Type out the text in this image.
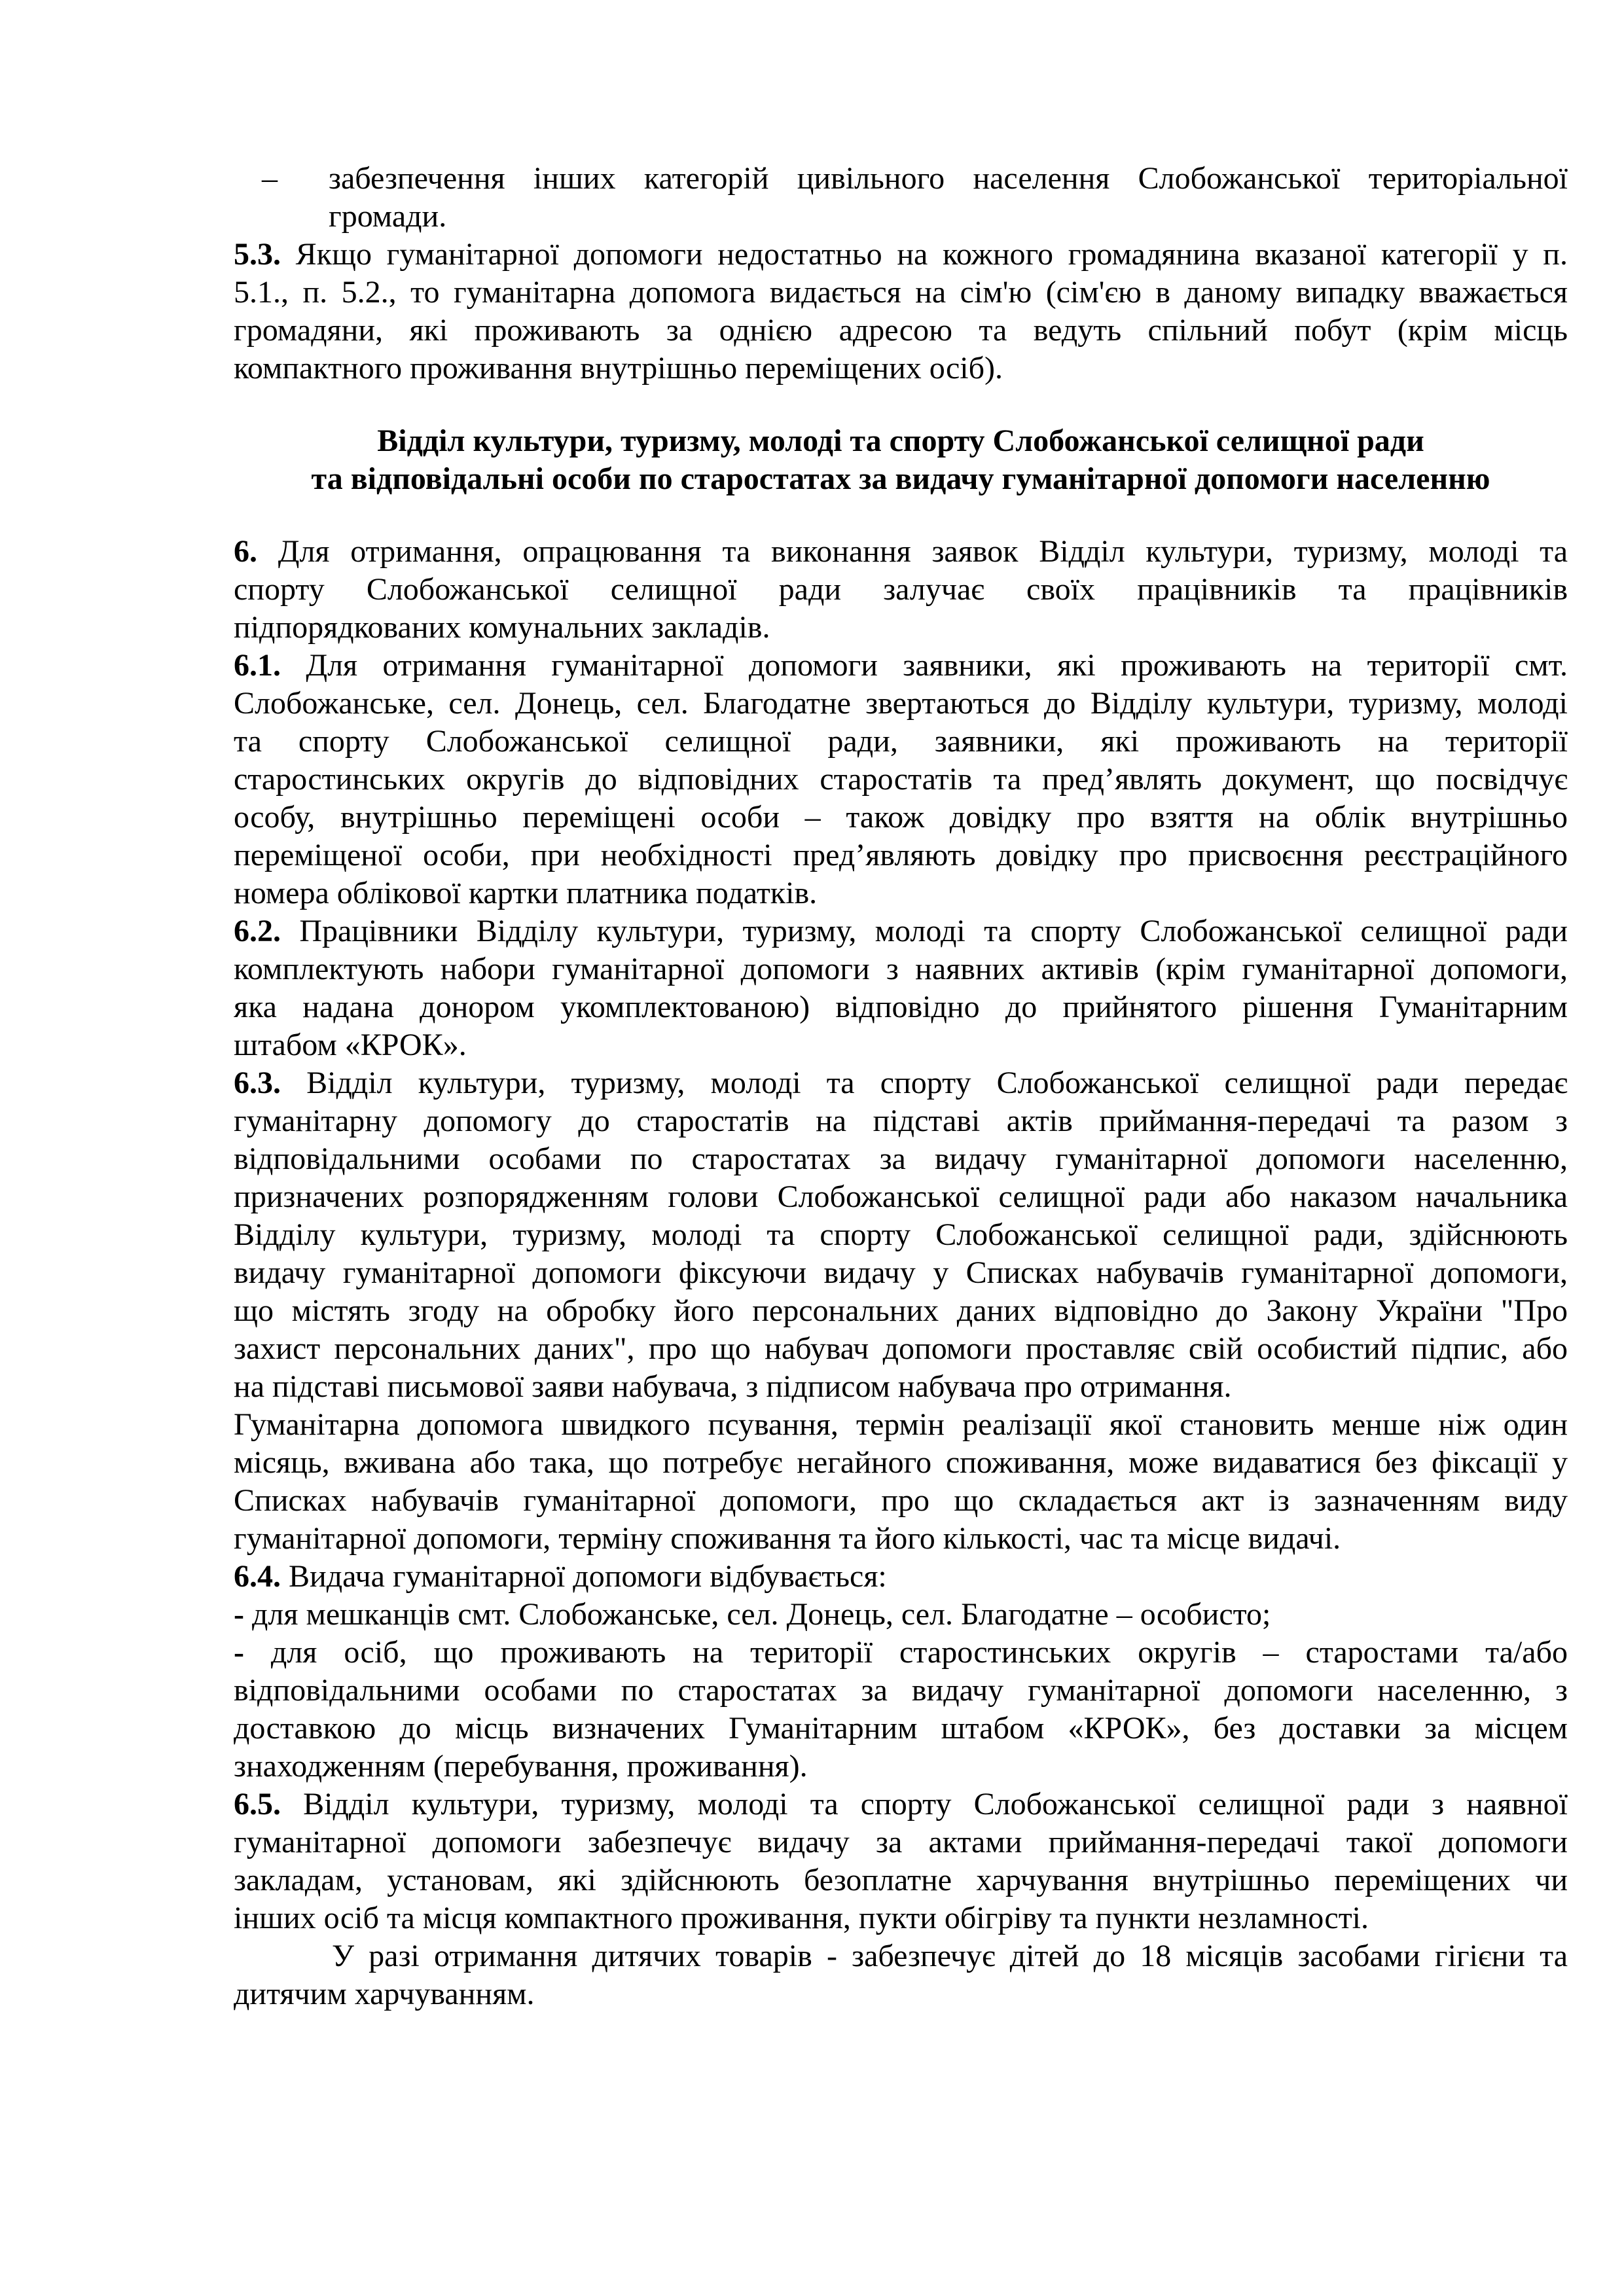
–	забезпечення інших категорій цивільного населення Слобожанської територіальної
громади.
5.3. Якщо гуманітарної допомоги недостатньо на кожного громадянина вказаної категорії у п.
5.1., п. 5.2., то гуманітарна допомога видається на сім'ю (сім'єю в даному випадку вважається
громадяни, які проживають за однією адресою та ведуть спільний побут (крім місць
компактного проживання внутрішньо переміщених осіб).
Відділ культури, туризму, молоді та спорту Слобожанської селищної ради
та відповідальні особи по старостатах за видачу гуманітарної допомоги населенню
6. Для отримання, опрацювання та виконання заявок Відділ культури, туризму, молоді та
спорту Слобожанської селищної ради залучає своїх працівників та працівників
підпорядкованих комунальних закладів.
6.1. Для отримання гуманітарної допомоги заявники, які проживають на території смт.
Слобожанське, сел. Донець, сел. Благодатне звертаються до Відділу культури, туризму, молоді
та спорту Слобожанської селищної ради, заявники, які проживають на території
старостинських округів до відповідних старостатів та пред’являть документ, що посвідчує
особу, внутрішньо переміщені особи – також довідку про взяття на облік внутрішньо
переміщеної особи, при необхідності пред’являють довідку про присвоєння реєстраційного
номера облікової картки платника податків.
6.2. Працівники Відділу культури, туризму, молоді та спорту Слобожанської селищної ради
комплектують набори гуманітарної допомоги з наявних активів (крім гуманітарної допомоги,
яка надана донором укомплектованою) відповідно до прийнятого рішення Гуманітарним
штабом «КРОК».
6.3. Відділ культури, туризму, молоді та спорту Слобожанської селищної ради передає
гуманітарну допомогу до старостатів на підставі актів приймання-передачі та разом з
відповідальними особами по старостатах за видачу гуманітарної допомоги населенню,
призначених розпорядженням голови Слобожанської селищної ради або наказом начальника
Відділу культури, туризму, молоді та спорту Слобожанської селищної ради, здійснюють
видачу гуманітарної допомоги фіксуючи видачу у Списках набувачів гуманітарної допомоги,
що містять згоду на обробку його персональних даних відповідно до Закону України "Про
захист персональних даних", про що набувач допомоги проставляє свій особистий підпис, або
на підставі письмової заяви набувача, з підписом набувача про отримання.
Гуманітарна допомога швидкого псування, термін реалізації якої становить менше ніж один
місяць, вживана або така, що потребує негайного споживання, може видаватися без фіксації у
Списках набувачів гуманітарної допомоги, про що складається акт із зазначенням виду
гуманітарної допомоги, терміну споживання та його кількості, час та місце видачі.
6.4. Видача гуманітарної допомоги відбувається:
- для мешканців смт. Слобожанське, сел. Донець, сел. Благодатне – особисто;
- для осіб, що проживають на території старостинських округів – старостами та/або
відповідальними особами по старостатах за видачу гуманітарної допомоги населенню, з
доставкою до місць визначених Гуманітарним штабом «КРОК», без доставки за місцем
знаходженням (перебування, проживання).
6.5. Відділ культури, туризму, молоді та спорту Слобожанської селищної ради з наявної
гуманітарної допомоги забезпечує видачу за актами приймання-передачі такої допомоги
закладам, установам, які здійснюють безоплатне харчування внутрішньо переміщених чи
інших осіб та місця компактного проживання, пукти обігріву та пункти незламності.
У разі отримання дитячих товарів - забезпечує дітей до 18 місяців засобами гігієни та
дитячим харчуванням.
